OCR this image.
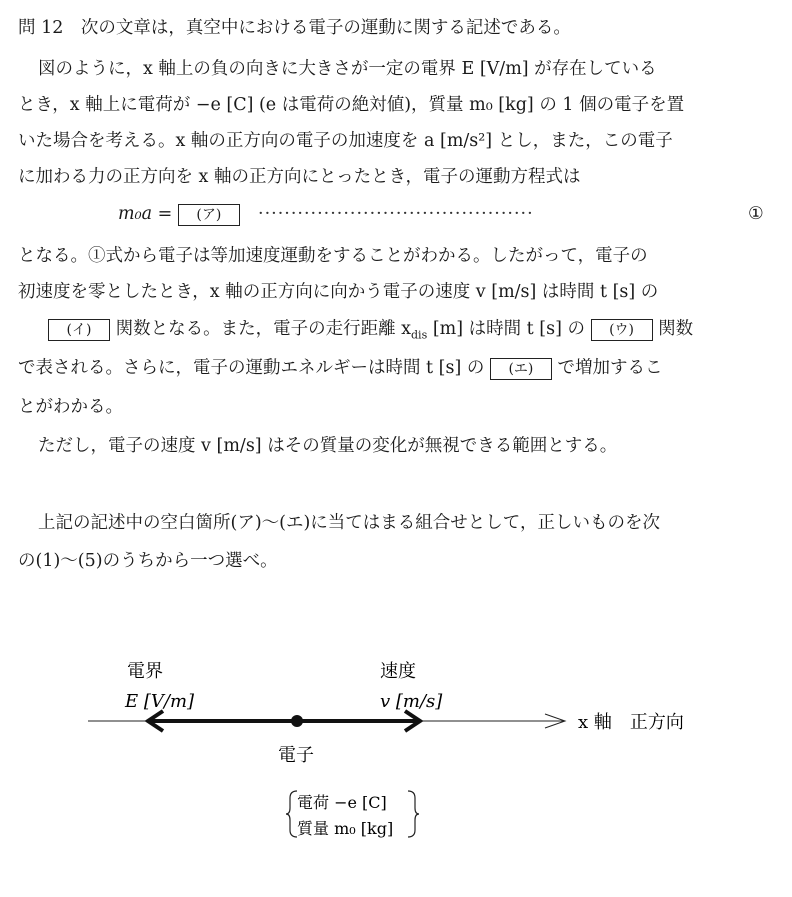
問 12　次の文章は，真空中における電子の運動に関する記述である。
図のように，x 軸上の負の向きに大きさが一定の電界 E [V/m] が存在している
とき，x 軸上に電荷が −e [C] (e は電荷の絶対値)，質量 m₀ [kg] の 1 個の電子を置
いた場合を考える。x 軸の正方向の電子の加速度を a [m/s²] とし，また，この電子
に加わる力の正方向を x 軸の正方向にとったとき，電子の運動方程式は
m₀a = (ア)	··········································	①
となる。①式から電子は等加速度運動をすることがわかる。したがって，電子の
初速度を零としたとき，x 軸の正方向に向かう電子の速度 v [m/s] は時間 t [s] の
(イ) 関数となる。また，電子の走行距離 $x_{dis}$ [m] は時間 t [s] の (ウ) 関数
で表される。さらに，電子の運動エネルギーは時間 t [s] の (エ) で増加するこ
とがわかる。
ただし，電子の速度 v [m/s] はその質量の変化が無視できる範囲とする。
上記の記述中の空白箇所(ア)～(エ)に当てはまる組合せとして，正しいものを次
の(1)～(5)のうちから一つ選べ。
電界
E [V/m]
速度
v [m/s]
x 軸　正方向
電子
電荷 −e [C]
質量 m₀ [kg]
